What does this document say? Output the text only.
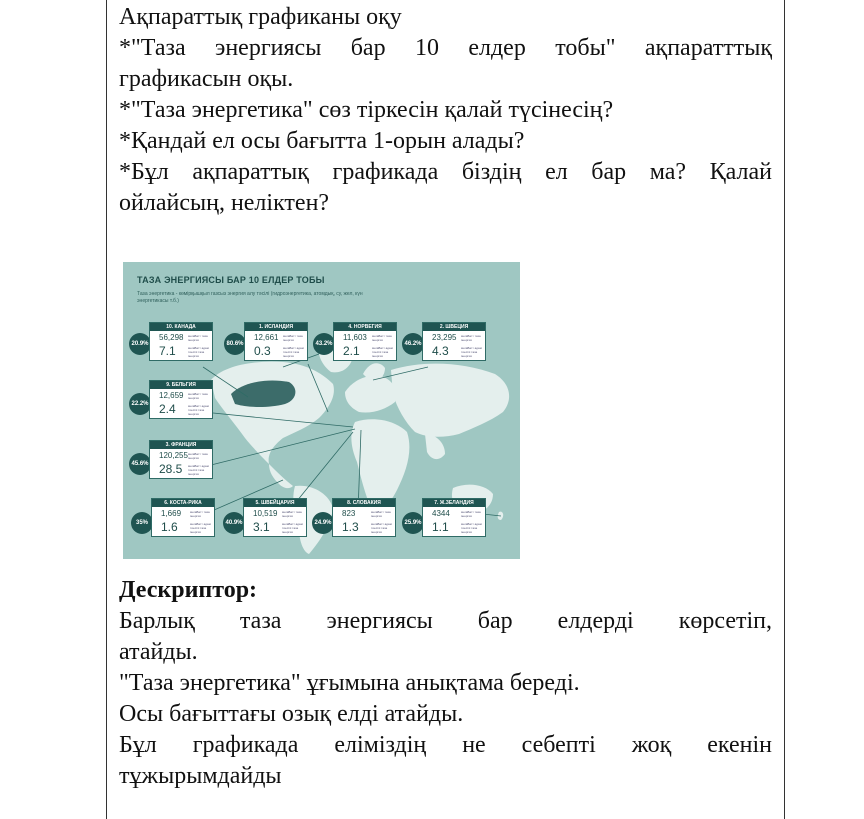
Ақпараттық графиканы оқу
*"Таза энергиясы бар 10 елдер тобы" ақпаратттық
графикасын оқы.
*"Таза энергетика" сөз тіркесін қалай түсінесің?
*Қандай ел осы бағытта 1-орын алады?
*Бұл ақпараттық графикада біздің ел бар ма? Қалай
ойлайсың, неліктен?
ТАЗА ЭНЕРГИЯСЫ БАР 10 ЕЛДЕР ТОБЫ
Таза энергетика - көмірқышқыл газсыз энергия алу тәсілі (гидроэнергетика, атомдық, су, жел, күн энергетикасы т.б.)
20.9%
10. КАНАДА
56,298 мегаВатт таза энергия
7.1	мегаВатт адам тиесілі таза энергия
80.6%
1. ИСЛАНДИЯ
12,661 мегаВатт таза энергия
0.3	мегаВатт адам тиесілі таза энергия
43.2%
4. НОРВЕГИЯ
11,603 мегаВатт таза энергия
2.1	мегаВатт адам тиесілі таза энергия
46.2%
2. ШВЕЦИЯ
23,295 мегаВатт таза энергия
4.3	мегаВатт адам тиесілі таза энергия
22.2%
9. БЕЛЬГИЯ
12,659 мегаВатт таза энергия
2.4	мегаВатт адам тиесілі таза энергия
45.6%
3. ФРАНЦИЯ
120,255 мегаВатт таза энергия
28.5 мегаВатт адам тиесілі таза энергия
35%
6. КОСТА-РИКА
1,669	мегаВатт таза энергия
1.6	мегаВатт адам тиесілі таза энергия
40.9%
5. ШВЕЙЦАРИЯ
10,519 мегаВатт таза энергия
3.1	мегаВатт адам тиесілі таза энергия
24.9%
8. СЛОВАКИЯ
823	мегаВатт таза энергия
1.3	мегаВатт адам тиесілі таза энергия
25.9%
7. Ж.ЗЕЛАНДИЯ
4344	мегаВатт таза энергия
1.1	мегаВатт адам тиесілі таза энергия
Дескриптор:
Барлық таза энергиясы бар елдерді көрсетіп,
атайды.
"Таза энергетика" ұғымына анықтама береді.
Осы бағыттағы озық елді атайды.
Бұл графикада еліміздің не себепті жоқ екенін
тұжырымдайды
